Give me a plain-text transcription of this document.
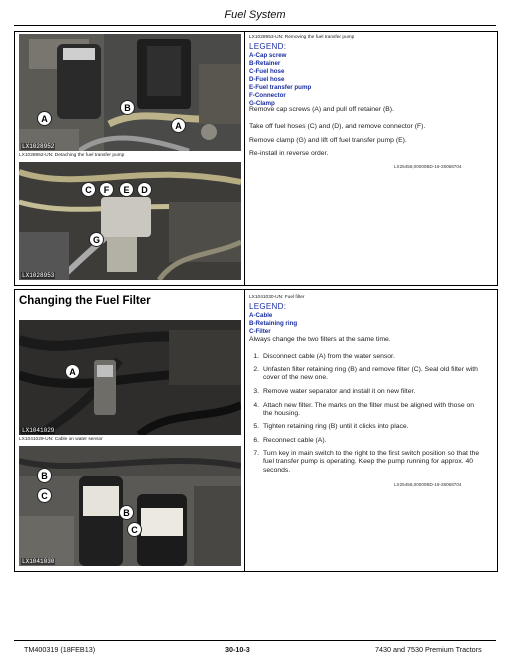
Fuel System
A
B
A
LX1028952
LX1028952-UN: Detaching the fuel transfer pump
C	F	E	D
G
LX1028953
LX1028953-UN: Removing the fuel transfer pump
LEGEND:
A-Cap screw
B-Retainer
C-Fuel hose
D-Fuel hose
E-Fuel transfer pump
F-Connector
G-Clamp
Remove cap screws (A) and pull off retainer (B).
Take off fuel hoses (C) and (D), and remove connector (F).
Remove clamp (G) and lift off fuel transfer pump (E).
Re-install in reverse order.
LX25458,00000BD-19-28068704
Changing the Fuel Filter
A
LX1041029
LX1041029-UN: Cable on water sensor
B
C
B
C
LX1041030
LX1041030-UN: Fuel filter
LEGEND:
A-Cable
B-Retaining ring
C-Filter
Always change the two filters at the same time.
1. Disconnect cable (A) from the water sensor.
2. Unfasten filter retaining ring (B) and remove filter (C). Seal old filter with cover of the new one.
3. Remove water separator and install it on new filter.
4. Attach new filter. The marks on the filter must be aligned with those on the housing.
5. Tighten retaining ring (B) until it clicks into place.
6. Reconnect cable (A).
7. Turn key in main switch to the right to the first switch position so that the fuel transfer pump is operating. Keep the pump running for approx. 40 seconds.
LX25458,00000BD-19-28068704
TM400319 (18FEB13)	30-10-3	7430 and 7530 Premium Tractors
